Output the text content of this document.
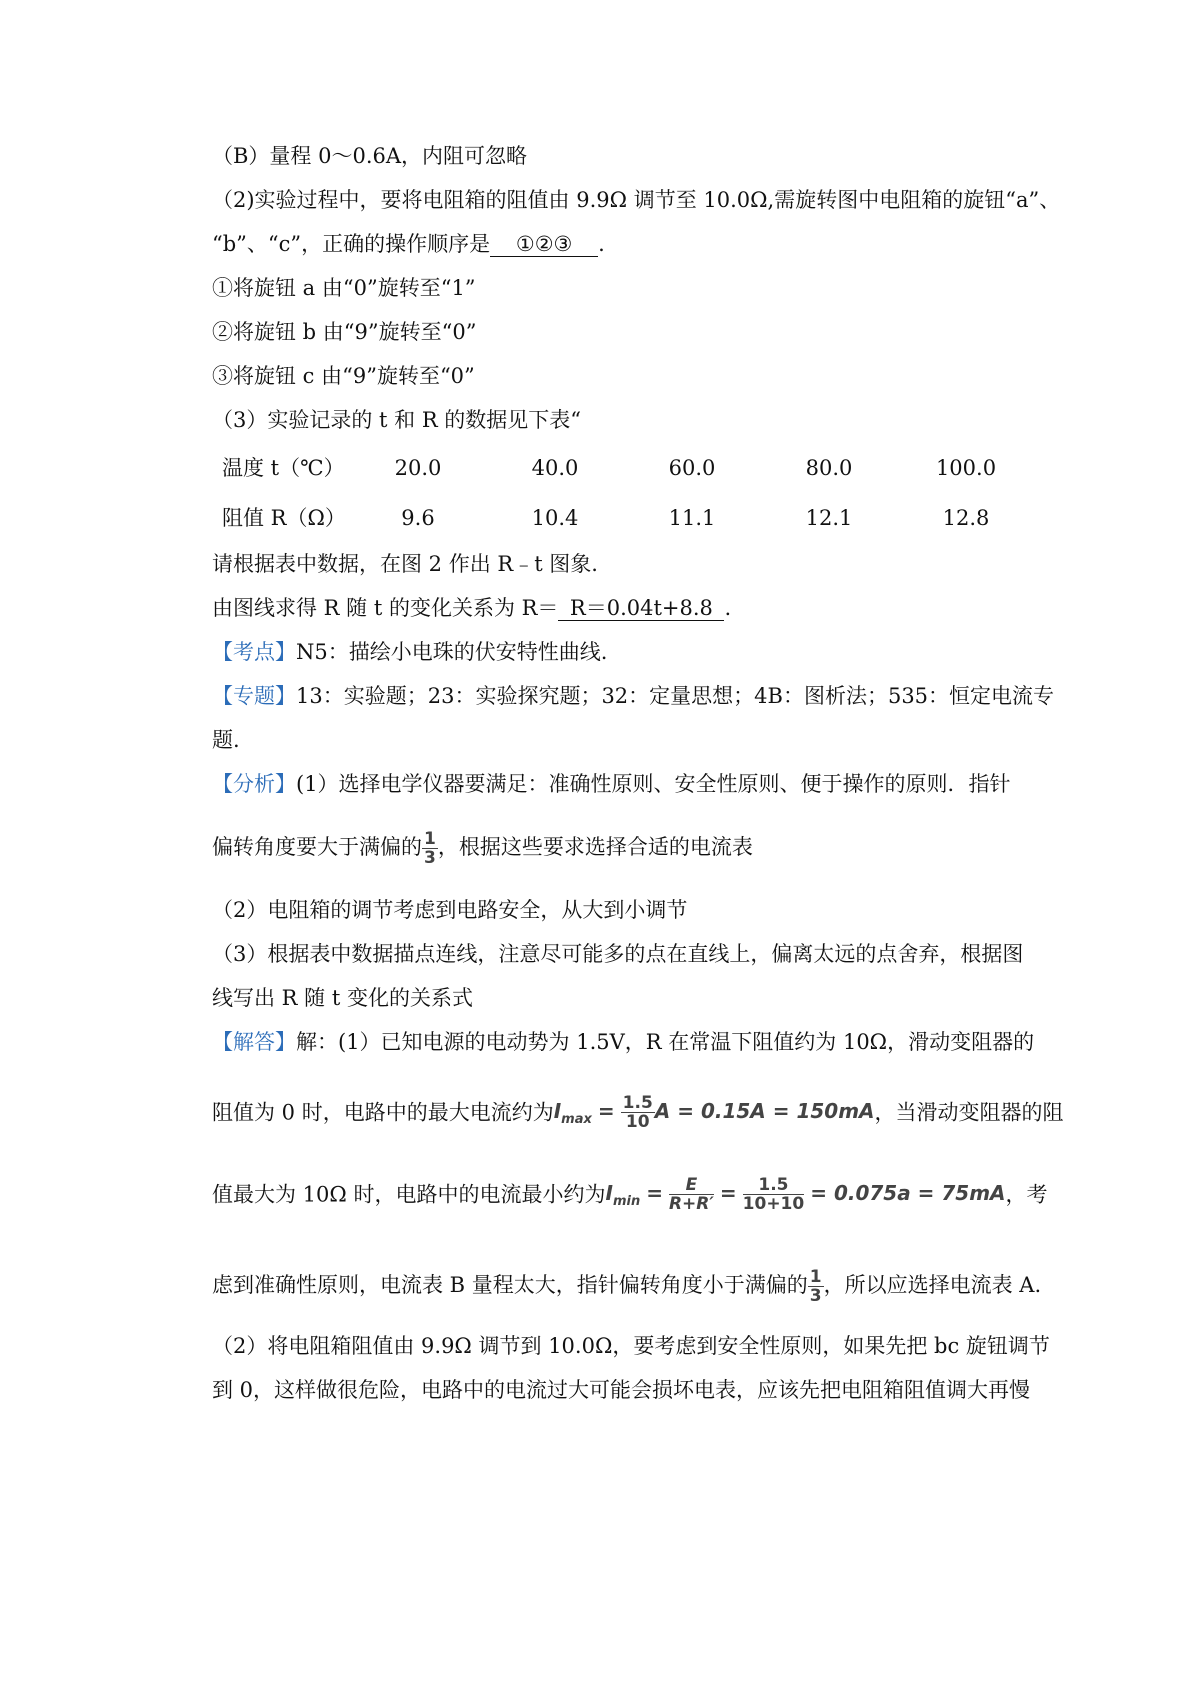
（B）量程 0～0.6A，内阻可忽略
（2)实验过程中，要将电阻箱的阻值由 9.9Ω 调节至 10.0Ω,需旋转图中电阻箱的旋钮“a”、
“b”、“c”，正确的操作顺序是 ①②③ .
①将旋钮 a 由“0”旋转至“1”
②将旋钮 b 由“9”旋转至“0”
③将旋钮 c 由“9”旋转至“0”
（3）实验记录的 t 和 R 的数据见下表“
温度 t（℃）	20.0	40.0	60.0	80.0	100.0
阻值 R（Ω）	9.6	10.4	11.1	12.1	12.8
请根据表中数据，在图 2 作出 R﹣t 图象.
由图线求得 R 随 t 的变化关系为 R＝ R＝0.04t+8.8 .
【考点】N5：描绘小电珠的伏安特性曲线.
【专题】13：实验题；23：实验探究题；32：定量思想；4B：图析法；535：恒定电流专
题.
【分析】(1）选择电学仪器要满足：准确性原则、安全性原则、便于操作的原则．指针
偏转角度要大于满偏的 $\frac{1}{3}$ ，根据这些要求选择合适的电流表
（2）电阻箱的调节考虑到电路安全，从大到小调节
（3）根据表中数据描点连线，注意尽可能多的点在直线上，偏离太远的点舍弃，根据图
线写出 R 随 t 变化的关系式
【解答】解：(1）已知电源的电动势为 1.5V，R 在常温下阻值约为 10Ω，滑动变阻器的
阻值为 0 时，电路中的最大电流约为$I_{max} = \frac{1.5}{10}$ A = 0.15A = 150mA，当滑动变阻器的阻
值最大为 10Ω 时，电路中的电流最小约为$I_{min} = \frac{E}{R+R'} = \frac{1.5}{10+10} = 0.075a = 75mA$，考
虑到准确性原则，电流表 B 量程太大，指针偏转角度小于满偏的 $\frac{1}{3}$ ，所以应选择电流表 A.
（2）将电阻箱阻值由 9.9Ω 调节到 10.0Ω，要考虑到安全性原则，如果先把 bc 旋钮调节
到 0，这样做很危险，电路中的电流过大可能会损坏电表，应该先把电阻箱阻值调大再慢
